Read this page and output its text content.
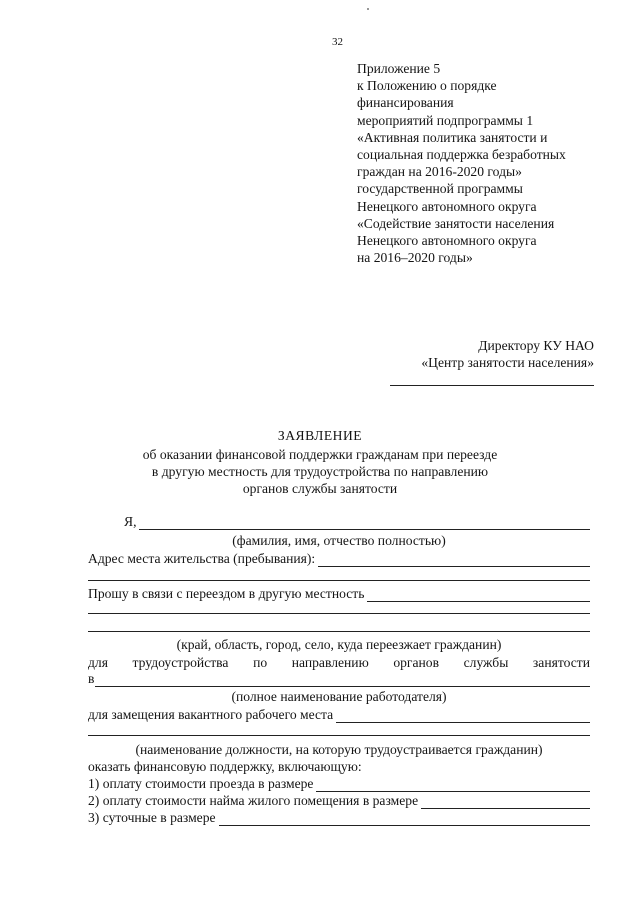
32
Приложение 5
к Положению о порядке
финансирования
мероприятий подпрограммы 1
«Активная политика занятости и
социальная поддержка безработных
граждан на 2016-2020 годы»
государственной программы
Ненецкого автономного округа
«Содействие занятости населения
Ненецкого автономного округа
на 2016–2020 годы»
Директору КУ НАО
«Центр занятости населения»
ЗАЯВЛЕНИЕ
об оказании финансовой поддержки гражданам при переезде
в другую местность для трудоустройства по направлению
органов службы занятости
Я,
(фамилия, имя, отчество полностью)
Адрес места жительства (пребывания):
Прошу в связи с переездом в другую местность
(край, область, город, село, куда переезжает гражданин)
для трудоустройства по направлению органов службы занятости
в
(полное наименование работодателя)
для замещения вакантного рабочего места
(наименование должности, на которую трудоустраивается гражданин)
оказать финансовую поддержку, включающую:
1) оплату стоимости проезда в размере
2) оплату стоимости найма жилого помещения в размере
3) суточные в размере
